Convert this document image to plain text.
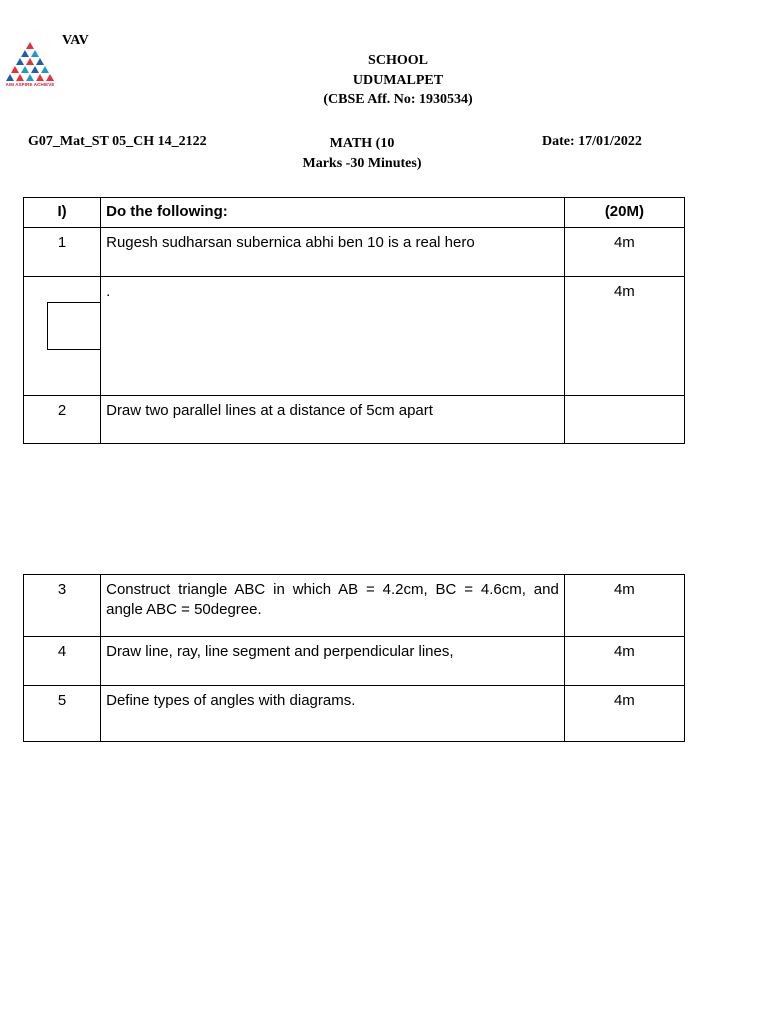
AIM ASPIRE ACHIEVE
VAV
SCHOOL
UDUMALPET
(CBSE Aff. No: 1930534)
G07_Mat_ST 05_CH 14_2122	MATH (10
Marks -30 Minutes)
Date: 17/01/2022
I)	Do the following:	(20M)
1	Rugesh sudharsan subernica abhi ben 10 is a real hero	4m
	.	4m
2	Draw two parallel lines at a distance of 5cm apart	
3	Construct triangle ABC in which AB = 4.2cm, BC = 4.6cm, and angle ABC = 50degree.	4m
4	Draw line, ray, line segment and perpendicular lines,	4m
5	Define types of angles with diagrams.	4m
